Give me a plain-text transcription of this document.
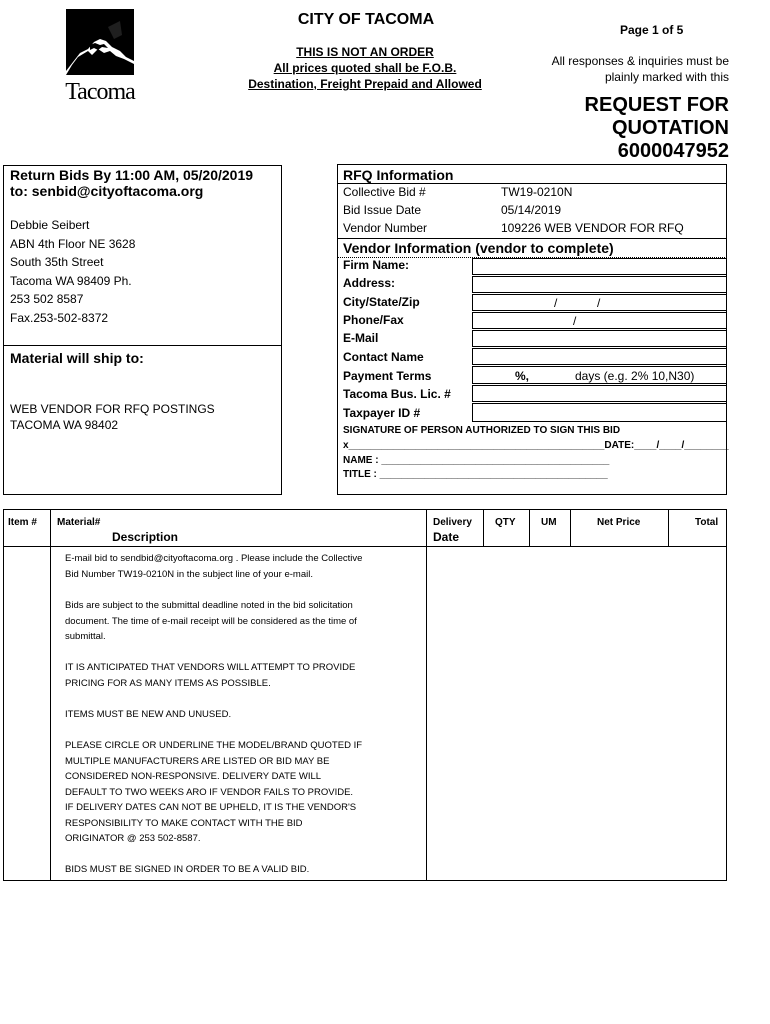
Tacoma
CITY OF TACOMA
Page 1 of 5
THIS IS NOT AN ORDER
All prices quoted shall be F.O.B.
Destination, Freight Prepaid and Allowed
All responses & inquiries must be
plainly marked with this
REQUEST FOR
QUOTATION
6000047952
Return Bids By 11:00 AM, 05/20/2019
to: senbid@cityoftacoma.org
Debbie Seibert
ABN 4th Floor NE 3628
South 35th Street
Tacoma WA 98409 Ph.
253 502 8587
Fax.253-502-8372
Material will ship to:
WEB VENDOR FOR RFQ POSTINGS
TACOMA WA 98402
RFQ Information
Collective Bid #	TW19-0210N
Bid Issue Date	05/14/2019
Vendor Number	109226 WEB VENDOR FOR RFQ
Vendor Information (vendor to complete)
Firm Name:
Address:
City/State/Zip	/	/
Phone/Fax	/
E-Mail
Contact Name
Payment Terms	%,	days (e.g. 2% 10,N30)
Tacoma Bus. Lic. #
Taxpayer ID #
SIGNATURE OF PERSON AUTHORIZED TO SIGN THIS BID
x______________________________________________DATE:____/____/________
NAME : _________________________________________
TITLE : _________________________________________
Item # Material#
Description
Delivery
Date
QTY	UM	Net Price	Total
E-mail bid to sendbid@cityoftacoma.org . Please include the Collective
Bid Number TW19-0210N in the subject line of your e-mail.
Bids are subject to the submittal deadline noted in the bid solicitation
document. The time of e-mail receipt will be considered as the time of
submittal.
IT IS ANTICIPATED THAT VENDORS WILL ATTEMPT TO PROVIDE
PRICING FOR AS MANY ITEMS AS POSSIBLE.
ITEMS MUST BE NEW AND UNUSED.
PLEASE CIRCLE OR UNDERLINE THE MODEL/BRAND QUOTED IF
MULTIPLE MANUFACTURERS ARE LISTED OR BID MAY BE
CONSIDERED NON-RESPONSIVE. DELIVERY DATE WILL
DEFAULT TO TWO WEEKS ARO IF VENDOR FAILS TO PROVIDE.
IF DELIVERY DATES CAN NOT BE UPHELD, IT IS THE VENDOR'S
RESPONSIBILITY TO MAKE CONTACT WITH THE BID
ORIGINATOR @ 253 502-8587.
BIDS MUST BE SIGNED IN ORDER TO BE A VALID BID.
